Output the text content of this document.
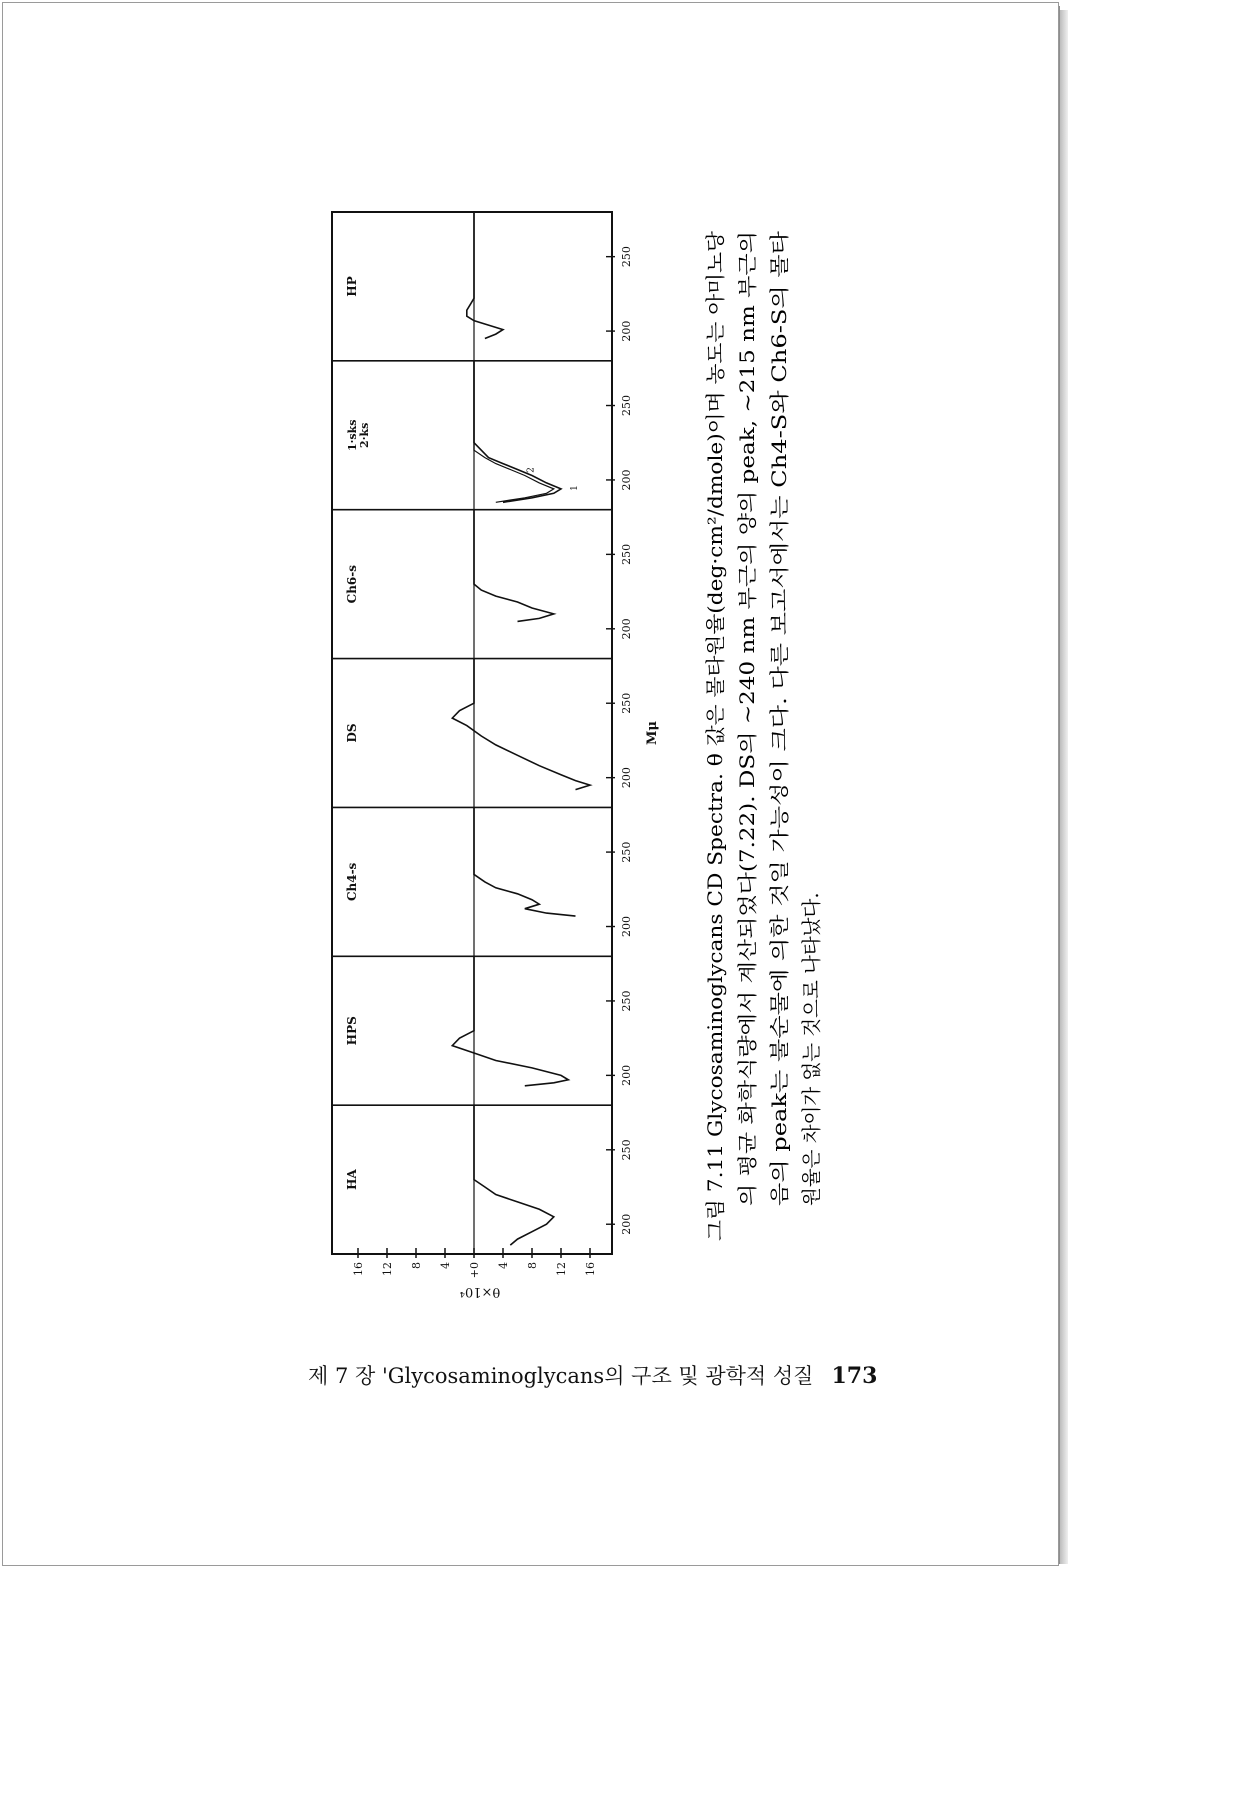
16 12 8 4 +0 4 8 12 16
θ×10⁴
Mμ
HA
200
250
HPS
200
250
Ch4-s
200
250
DS
200
250
Ch6-s
200
250
1·sks 2·ks
200
250
1
2
HP
200
250
그림 7.11 Glycosaminoglycans CD Spectra. θ 값은 몰타원율(deg·cm²/dmole)이며 농도는 아미노당 의 평균 화학식량에서 계산되었다(7.22). DS의 ~240 nm 부근의 양의 peak, ~215 nm 부근의 음의 peak는 불순물에 의한 것일 가능성이 크다. 다른 보고서에서는 Ch4-S와 Ch6-S의 몰타 원율은 차이가 없는 것으로 나타났다.
제 7 장 'Glycosaminoglycans의 구조 및 광학적 성질 173
